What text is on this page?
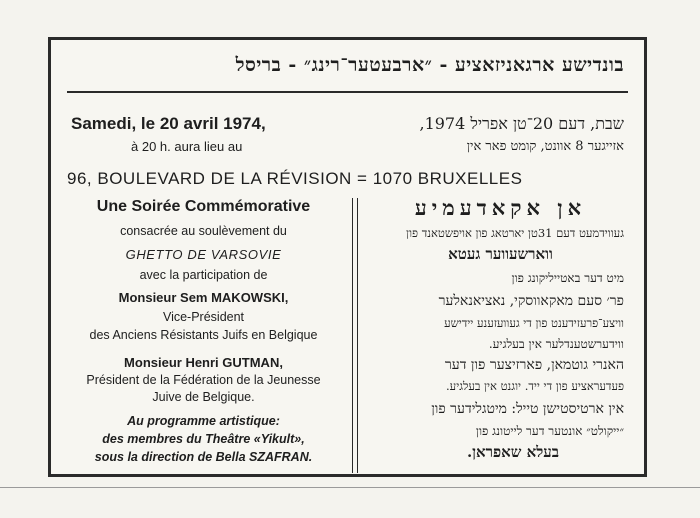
בונדישע ארגאניזאציע - ״ארבעטער־רינג״ - בריסל
Samedi, le 20 avril 1974,
à 20 h. aura lieu au
שבת, דעם 20־טן אפריל 1974,
אזייגער 8 אוונט, קומט פאר אין
96, BOULEVARD DE LA RÉVISION = 1070 BRUXELLES
Une Soirée Commémorative
consacrée au soulèvement du
GHETTO DE VARSOVIE
avec la participation de
Monsieur Sem MAKOWSKI,
Vice-Président
des Anciens Résistants Juifs en Belgique
Monsieur Henri GUTMAN,
Président de la Fédération de la Jeunesse
Juive de Belgique.
Au programme artistique:
des membres du Theâtre «Yikult»,
sous la direction de Bella SZAFRAN.
אן אקאדעמיע
געווידמעט דעם 31טן יארטאג פון אויפשטאנד פון
ווארשעווער געטא
מיט דער באטייליקונג פון
פר׳ סעם מאקאווסקי, נאציאנאלער
וויצע־פרעזידענט פון די געוועזענע יידישע
ווידערשטענדלער אין בעלגיע.
האנרי גוטמאן, פארזיצער פון דער
פעדעראציע פון די ייד. יוגנט אין בעלגיע.
אין ארטיסטישן טייל: מיטגלידער פון
״ייקולט״ אונטער דער לייטונג פון
בעלא שאפראן.
